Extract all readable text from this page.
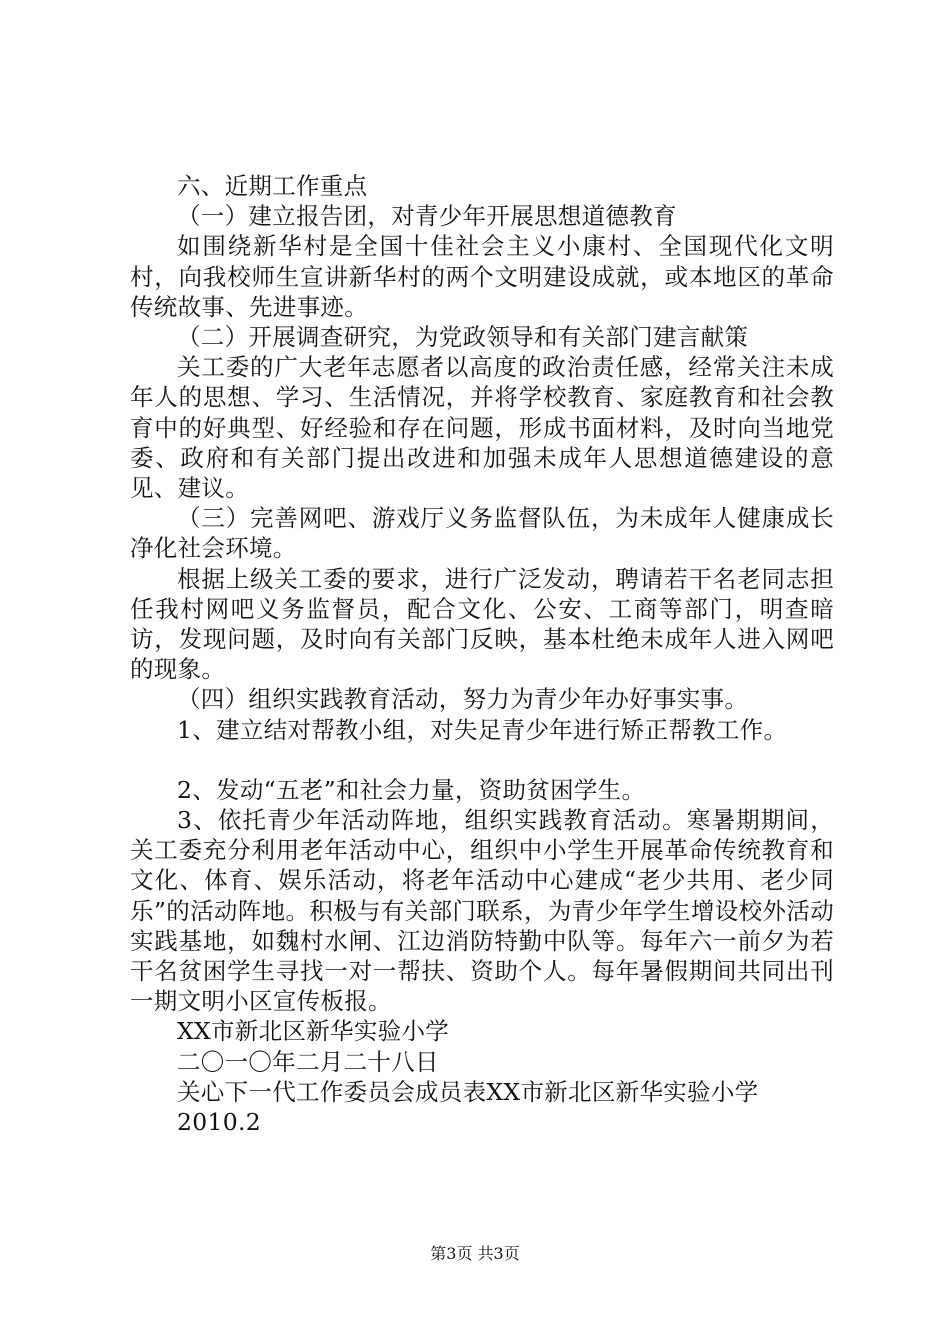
六、近期工作重点

（一）建立报告团，对青少年开展思想道德教育

如围绕新华村是全国十佳社会主义小康村、全国现代化文明村，向我校师生宣讲新华村的两个文明建设成就，或本地区的革命传统故事、先进事迹。

（二）开展调查研究，为党政领导和有关部门建言献策

关工委的广大老年志愿者以高度的政治责任感，经常关注未成年人的思想、学习、生活情况，并将学校教育、家庭教育和社会教育中的好典型、好经验和存在问题，形成书面材料，及时向当地党委、政府和有关部门提出改进和加强未成年人思想道德建设的意见、建议。

（三）完善网吧、游戏厅义务监督队伍，为未成年人健康成长净化社会环境。

根据上级关工委的要求，进行广泛发动，聘请若干名老同志担任我村网吧义务监督员，配合文化、公安、工商等部门，明查暗访，发现问题，及时向有关部门反映，基本杜绝未成年人进入网吧的现象。

（四）组织实践教育活动，努力为青少年办好事实事。

1、建立结对帮教小组，对失足青少年进行矫正帮教工作。

2、发动“五老”和社会力量，资助贫困学生。

3、依托青少年活动阵地，组织实践教育活动。寒暑期期间，关工委充分利用老年活动中心，组织中小学生开展革命传统教育和文化、体育、娱乐活动，将老年活动中心建成“老少共用、老少同乐”的活动阵地。积极与有关部门联系，为青少年学生增设校外活动实践基地，如魏村水闸、江边消防特勤中队等。每年六一前夕为若干名贫困学生寻找一对一帮扶、资助个人。每年暑假期间共同出刊一期文明小区宣传板报。

XX市新北区新华实验小学

二〇一〇年二月二十八日

关心下一代工作委员会成员表XX市新北区新华实验小学

2010.2

第3页 共3页
